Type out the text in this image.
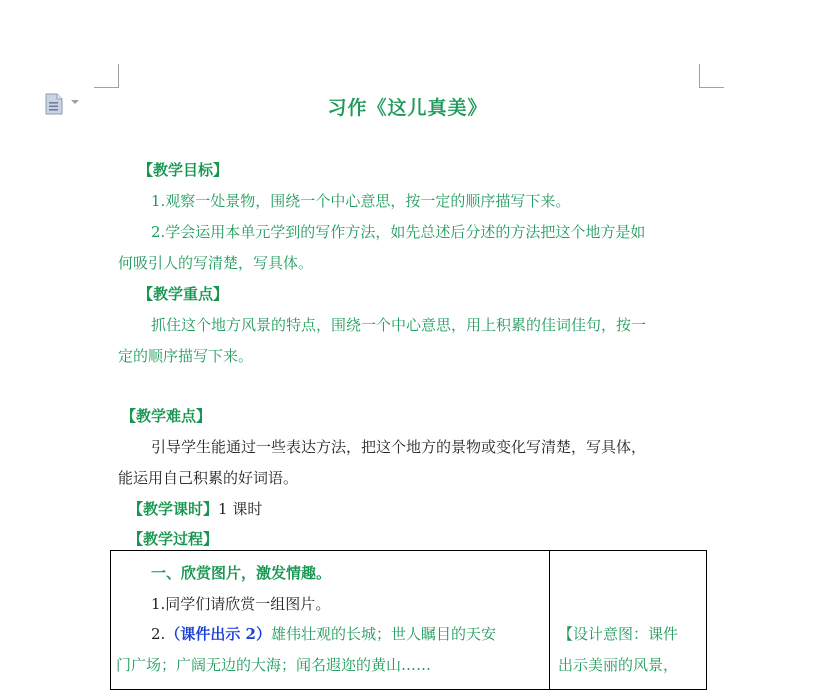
习作《这儿真美》
【教学目标】
1.观察一处景物，围绕一个中心意思，按一定的顺序描写下来。
2.学会运用本单元学到的写作方法，如先总述后分述的方法把这个地方是如
何吸引人的写清楚，写具体。
【教学重点】
抓住这个地方风景的特点，围绕一个中心意思，用上积累的佳词佳句，按一
定的顺序描写下来。
【教学难点】
引导学生能通过一些表达方法，把这个地方的景物或变化写清楚，写具体，
能运用自己积累的好词语。
【教学课时】1 课时
【教学过程】
一、欣赏图片，激发情趣。
1.同学们请欣赏一组图片。
2.（课件出示 2）雄伟壮观的长城；世人瞩目的天安
门广场；广阔无边的大海；闻名遐迩的黄山……
【设计意图：课件
出示美丽的风景，
